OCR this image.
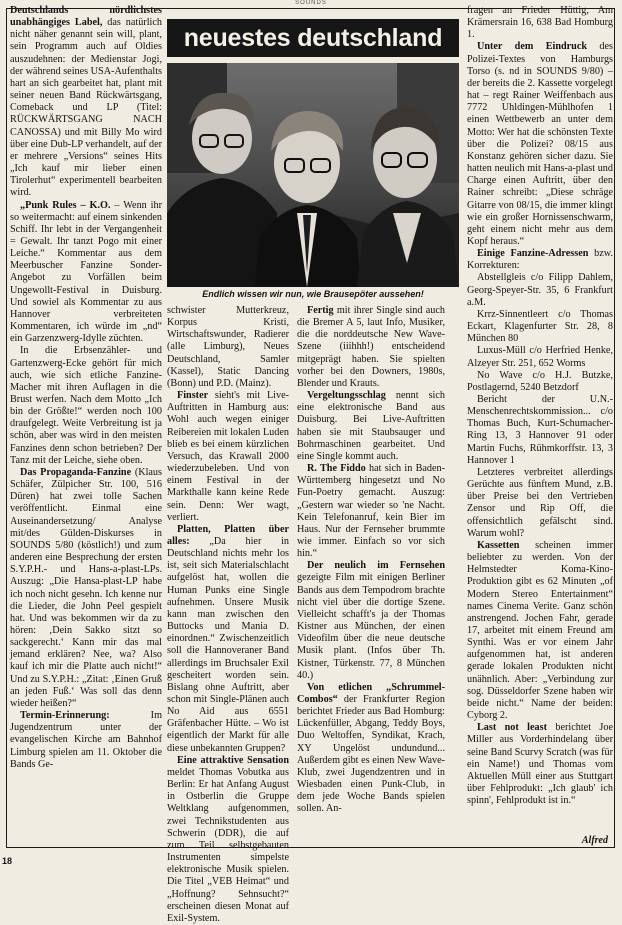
SOUNDS

Deutschlands nördlichstes unabhängiges Label, das natürlich nicht näher genannt sein will, plant, sein Programm auch auf Oldies auszudehnen: der Medienstar Jogi, der während seines USA-Aufenthalts hart an sich gearbeitet hat, plant mit seiner neuen Band Rückwärtsgang, Comeback und LP (Titel: RÜCKWÄRTSGANG NACH CANOSSA) und mit Billy Mo wird über eine Dub-LP verhandelt, auf der er mehrere „Versions“ seines Hits „Ich kauf mir lieber einen Tirolerhut“ experimentell bearbeiten wird.

„Punk Rules – K.O. – Wenn ihr so weitermacht: auf einem sinkenden Schiff. Ihr lebt in der Vergangenheit = Gewalt. Ihr tanzt Pogo mit einer Leiche.“ Kommentar aus dem Meerbuscher Fanzine Sonder-Angebot zu Vorfällen beim Ungewollt-Festival in Duisburg. Und sowiel als Kommentar zu aus Hannover verbreiteten Kommentaren, ich würde im „nd“ ein Garzenzwerg-Idylle züchten.

In die Erbsenzähler- und Gartenzwerg-Ecke gehört für mich auch, wie sich etliche Fanzine-Macher mit ihren Auflagen in die Brust werfen. Nach dem Motto „Ich bin der Größte!“ werden noch 100 draufgelegt. Weite Verbreitung ist ja schön, aber was wird in den meisten Fanzines denn schon betrieben? Der Tanz mit der Leiche, siehe oben.

Das Propaganda-Fanzine (Klaus Schäfer, Zülpicher Str. 100, 516 Düren) hat zwei tolle Sachen veröffentlicht. Einmal eine Auseinandersetzung/ Analyse mit/des Gülden-Diskurses in SOUNDS 5/80 (köstlich!) und zum anderen eine Besprechung der ersten S.Y.P.H.- und Hans-a-plast-LPs. Auszug: „Die Hansa-plast-LP habe ich noch nicht gesehn. Ich kenne nur die Lieder, die John Peel gespielt hat. Und was bekommen wir da zu hören: ‚Dein Sakko sitzt so sackgerecht.‘ Kann mir das mal jemand erklären? Nee, wa? Also kauf ich mir die Platte auch nicht!“ Und zu S.Y.P.H.: „Zitat: ‚Einen Gruß an jeden Fuß.‘ Was soll das denn wieder heißen?“

Termin-Erinnerung: Im Jugendzentrum unter der evangelischen Kirche am Bahnhof Limburg spielen am 11. Oktober die Bands Ge-

neuestes deutschland
Endlich wissen wir nun, wie Brausepöter aussehen!

schwister Mutterkreuz, Korpus Kristi, Wirtschaftswunder, Radierer (alle Limburg), Neues Deutschland, Samler (Kassel), Static Dancing (Bonn) und P.D. (Mainz).

Finster sieht's mit Live-Auftritten in Hamburg aus: Wohl auch wegen einiger Reibereien mit lokalen Luden blieb es bei einem kürzlichen Versuch, das Krawall 2000 wiederzubeleben. Und von einem Festival in der Markthalle kann keine Rede sein. Denn: Wer wagt, verliert.

Platten, Platten über alles: „Da hier in Deutschland nichts mehr los ist, seit sich Materialschlacht aufgelöst hat, wollen die Human Punks eine Single aufnehmen. Unsere Musik kann man zwischen den Buttocks und Mania D. einordnen.“ Zwischenzeitlich soll die Hannoveraner Band allerdings im Bruchsaler Exil gescheitert worden sein. Bislang ohne Auftritt, aber schon mit Single-Plänen auch No Aid aus 6551 Gräfenbacher Hütte. – Wo ist eigentlich der Markt für alle diese unbekannten Gruppen?

Eine attraktive Sensation meldet Thomas Vobutka aus Berlin: Er hat Anfang August in Ostberlin die Gruppe Weltklang aufgenommen, zwei Technikstudenten aus Schwerin (DDR), die auf zum Teil selbstgebauten Instrumenten simpelste elektronische Musik spielen. Die Titel „VEB Heimat“ und „Hoffnung? Sehnsucht?“ erscheinen diesen Monat auf Exil-System.

Fertig mit ihrer Single sind auch die Bremer A 5, laut Info, Musiker, die die norddeutsche New Wave-Szene (iiihhh!) entscheidend mitgeprägt haben. Sie spielten vorher bei den Downers, 1980s, Blender und Krauts.

Vergeltungsschlag nennt sich eine elektronische Band aus Duisburg. Bei Live-Auftritten haben sie mit Staubsauger und Bohrmaschinen gearbeitet. Und eine Single kommt auch.

R. The Fiddo hat sich in Baden-Württemberg hingesetzt und No Fun-Poetry gemacht. Auszug: „Gestern war wieder so 'ne Nacht. Kein Telefonanruf, kein Bier im Haus. Nur der Fernseher brummte wie immer. Einfach so vor sich hin.“

Der neulich im Fernsehen gezeigte Film mit einigen Berliner Bands aus dem Tempodrom brachte nicht viel über die dortige Szene. Vielleicht schafft's ja der Thomas Kistner aus München, der einen Videofilm über die neue deutsche Musik plant. (Infos über Th. Kistner, Türkenstr. 77, 8 München 40.)

Von etlichen „Schrummel-Combos“ der Frankfurter Region berichtet Frieder aus Bad Homburg: Lückenfüller, Abgang, Teddy Boys, Duo Weltoffen, Syndikat, Krach, XY Ungelöst undundund... Außerdem gibt es einen New Wave-Klub, zwei Jugendzentren und in Wiesbaden einen Punk-Club, in dem jede Woche Bands spielen sollen. An-

fragen an Frieder Hüttig, Am Krämersrain 16, 638 Bad Homburg 1.

Unter dem Eindruck des Polizei-Textes von Hamburgs Torso (s. nd in SOUNDS 9/80) – der bereits die 2. Kassette vorgelegt hat – regt Rainer Weiffenbach aus 7772 Uhldingen-Mühlhofen 1 einen Wettbewerb an unter dem Motto: Wer hat die schönsten Texte über die Polizei? 08/15 aus Konstanz gehören sicher dazu. Sie hatten neulich mit Hans-a-plast und Charge einen Auftritt, über den Rainer schreibt: „Diese schräge Gitarre von 08/15, die immer klingt wie ein großer Hornissenschwarm, geht einem nicht mehr aus dem Kopf heraus.“

Einige Fanzine-Adressen bzw. Korrekturen:

Abstellgleis c/o Filipp Dahlem, Georg-Speyer-Str. 35, 6 Frankfurt a.M.

Krrz-Sinnentleert c/o Thomas Eckart, Klagenfurter Str. 28, 8 München 80

Luxus-Müll c/o Herfried Henke, Alzeyer Str. 251, 652 Worms

No Wave c/o H.J. Butzke, Postlagernd, 5240 Betzdorf

Bericht der U.N.-Menschenrechtskommission... c/o Thomas Buch, Kurt-Schumacher-Ring 13, 3 Hannover 91 oder Martin Fuchs, Rühmkorffstr. 13, 3 Hannover 1

Letzteres verbreitet allerdings Gerüchte aus fünftem Mund, z.B. über Preise bei den Vertrieben Zensor und Rip Off, die offensichtlich gefälscht sind. Warum wohl?

Kassetten scheinen immer beliebter zu werden. Von der Helmstedter Koma-Kino-Produktion gibt es 62 Minuten „of Modern Stereo Entertainment“ names Cinema Verite. Ganz schön anstrengend. Jochen Fahr, gerade 17, arbeitet mit einem Freund am Synthi. Was er vor einem Jahr aufgenommen hat, ist anderen gerade lokalen Produkten nicht unähnlich. Aber: „Verbindung zur sog. Düsseldorfer Szene haben wir beide nicht.“ Name der beiden: Cyborg 2.

Last not least berichtet Joe Miller aus Vorderhindelang über seine Band Scurvy Scratch (was für ein Name!) und Thomas vom Aktuellen Müll einer aus Stuttgart über Fehlprodukt: „Ich glaub' ich spinn', Fehlprodukt ist in.“

Alfred
18
